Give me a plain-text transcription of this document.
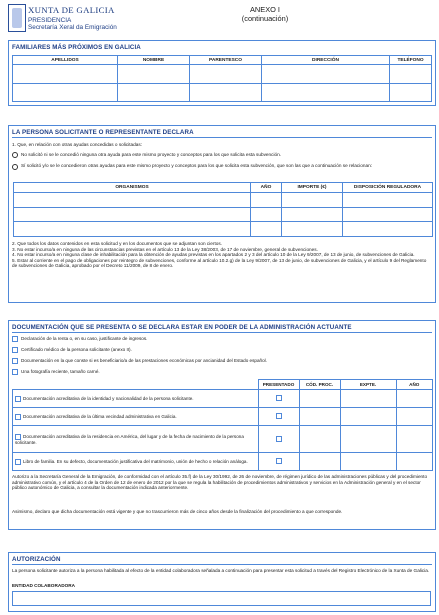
XUNTA DE GALICIA
PRESIDENCIA
Secretaría Xeral da Emigración
ANEXO I
(continuación)
FAMILIARES MÁS PRÓXIMOS EN GALICIA
APELLIDOS	NOMBRE	PARENTESCO	DIRECCIÓN	TELÉFONO

LA PERSONA SOLICITANTE O REPRESENTANTE DECLARA
1. Que, en relación con otras ayudas concedidas o solicitadas:
No solicitó ni se le concedió ninguna otra ayuda para este mismo proyecto y conceptos para los que solicita esta subvención.
Sí solicitó y/o se le concedieron otras ayudas para este mismo proyecto y conceptos para los que solicita esta subvención, que son las que a continuación se relacionan:
ORGANISMOS	AÑO	IMPORTE (€)	DISPOSICIÓN REGULADORA

2. Que todos los datos contenidos en esta solicitud y en los documentos que se adjuntan son ciertos.
3. No estar incurso/a en ninguna de las circunstancias previstas en el artículo 13 de la Ley 38/2003, de 17 de noviembre, general de subvenciones.
4. No estar incurso/a en ninguna clase de inhabilitación para la obtención de ayudas previstas en los apartados 2 y 3 del artículo 10 de la Ley 9/2007, de 13 de junio, de subvenciones de Galicia.
5. Estar al corriente en el pago de obligaciones por reintegro de subvenciones, conforme al artículo 10.2.g) de la Ley 9/2007, de 13 de junio, de subvenciones de Galicia, y el artículo 9 del Reglamento de subvenciones de Galicia, aprobado por el Decreto 11/2009, de 8 de enero.
DOCUMENTACIÓN QUE SE PRESENTA O SE DECLARA ESTAR EN PODER DE LA ADMINISTRACIÓN ACTUANTE
Declaración de la renta o, en su caso, justificante de ingresos.
Certificado médico de la persona solicitante (anexo II).
Documentación en la que conste si es beneficiario/a de las prestaciones económicas por ancianidad del Estado español.
Una fotografía reciente, tamaño carné.
	PRESENTADO	CÓD. PROC.	EXPTE.	AÑO
Documentación acreditativa de la identidad y nacionalidad de la persona solicitante.				
Documentación acreditativa de la última vecindad administrativa en Galicia.				
Documentación acreditativa de la residencia en América, del lugar y de la fecha de nacimiento de la persona solicitante.				
Libro de familia. En su defecto, documentación justificativa del matrimonio, unión de hecho o relación análoga.				
Autorizo a la Secretaría General de la Emigración, de conformidad con el artículo 35.f) de la Ley 30/1992, de 26 de noviembre, de régimen jurídico de las administraciones públicas y del procedimiento administrativo común, y el artículo 4 de la Orden de 12 de enero de 2012 por la que se regula la habilitación de procedimientos administrativos y servicios en la Administración general y en el sector público autonómico de Galicia, a consultar la documentación indicada anteriormente.
Asimismo, declaro que dicha documentación está vigente y que no trascurrieron más de cinco años desde la finalización del procedimiento a que corresponde.
AUTORIZACIÓN
La persona solicitante autoriza a la persona habilitada al efecto de la entidad colaboradora señalada a continuación para presentar esta solicitud a través del Registro Electrónico de la Xunta de Galicia.
ENTIDAD COLABORADORA
